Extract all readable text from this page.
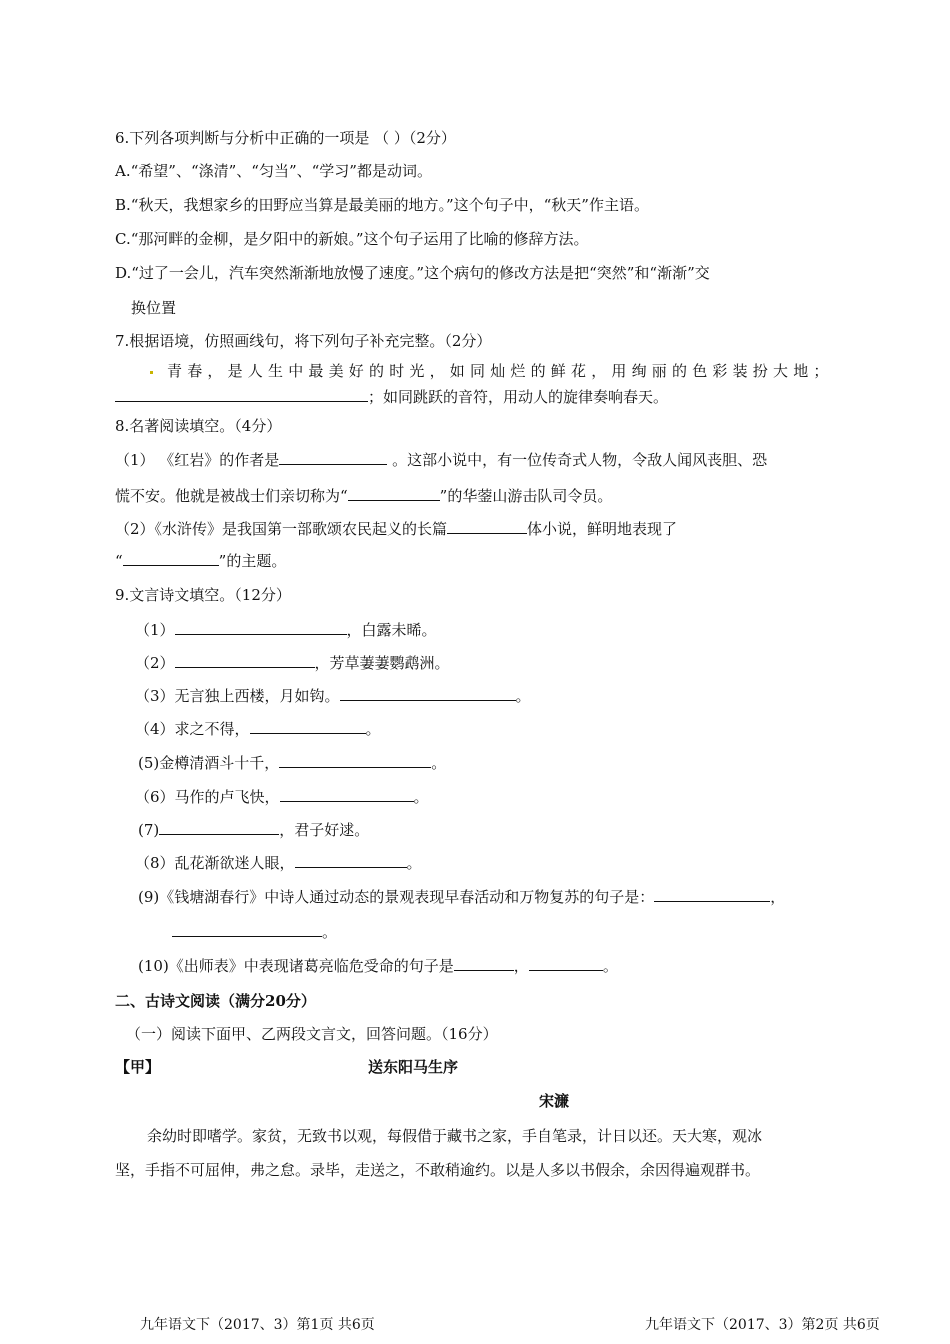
6.下列各项判断与分析中正确的一项是 （ ）（2分）
A.“希望”、“涤清”、“匀当”、“学习”都是动词。
B.“秋天，我想家乡的田野应当算是最美丽的地方。”这个句子中，“秋天”作主语。
C.“那河畔的金柳，是夕阳中的新娘。”这个句子运用了比喻的修辞方法。
D.“过了一会儿，汽车突然渐渐地放慢了速度。”这个病句的修改方法是把“突然”和“渐渐”交
换位置
7.根据语境，仿照画线句，将下列句子补充完整。（2分）
青春，是人生中最美好的时光，如同灿烂的鲜花，用绚丽的色彩装扮大地；
；如同跳跃的音符，用动人的旋律奏响春天。
8.名著阅读填空。（4分）
（1） 《红岩》的作者是	。这部小说中，有一位传奇式人物，令敌人闻风丧胆、恐
慌不安。他就是被战士们亲切称为“	”的华蓥山游击队司令员。
（2）《水浒传》是我国第一部歌颂农民起义的长篇	体小说，鲜明地表现了
“	”的主题。
9.文言诗文填空。（12分）
（1）	，白露未晞。
（2）	，芳草萋萋鹦鹉洲。
（3）无言独上西楼，月如钩。	。
（4）求之不得，	。
(5)金樽清酒斗十千，	。
（6）马作的卢飞快，	。
(7)	，君子好逑。
（8）乱花渐欲迷人眼，	。
(9)《钱塘湖春行》中诗人通过动态的景观表现早春活动和万物复苏的句子是：	，
。
(10)《出师表》中表现诸葛亮临危受命的句子是	，	。
二、古诗文阅读（满分20分）
（一）阅读下面甲、乙两段文言文，回答问题。（16分）
【甲】	送东阳马生序
宋濂
余幼时即嗜学。家贫，无致书以观，每假借于藏书之家，手自笔录，计日以还。天大寒，观冰
坚，手指不可屈伸，弗之怠。录毕，走送之，不敢稍逾约。以是人多以书假余，余因得遍观群书。
九年语文下（2017、3）第1页 共6页	九年语文下（2017、3）第2页 共6页
